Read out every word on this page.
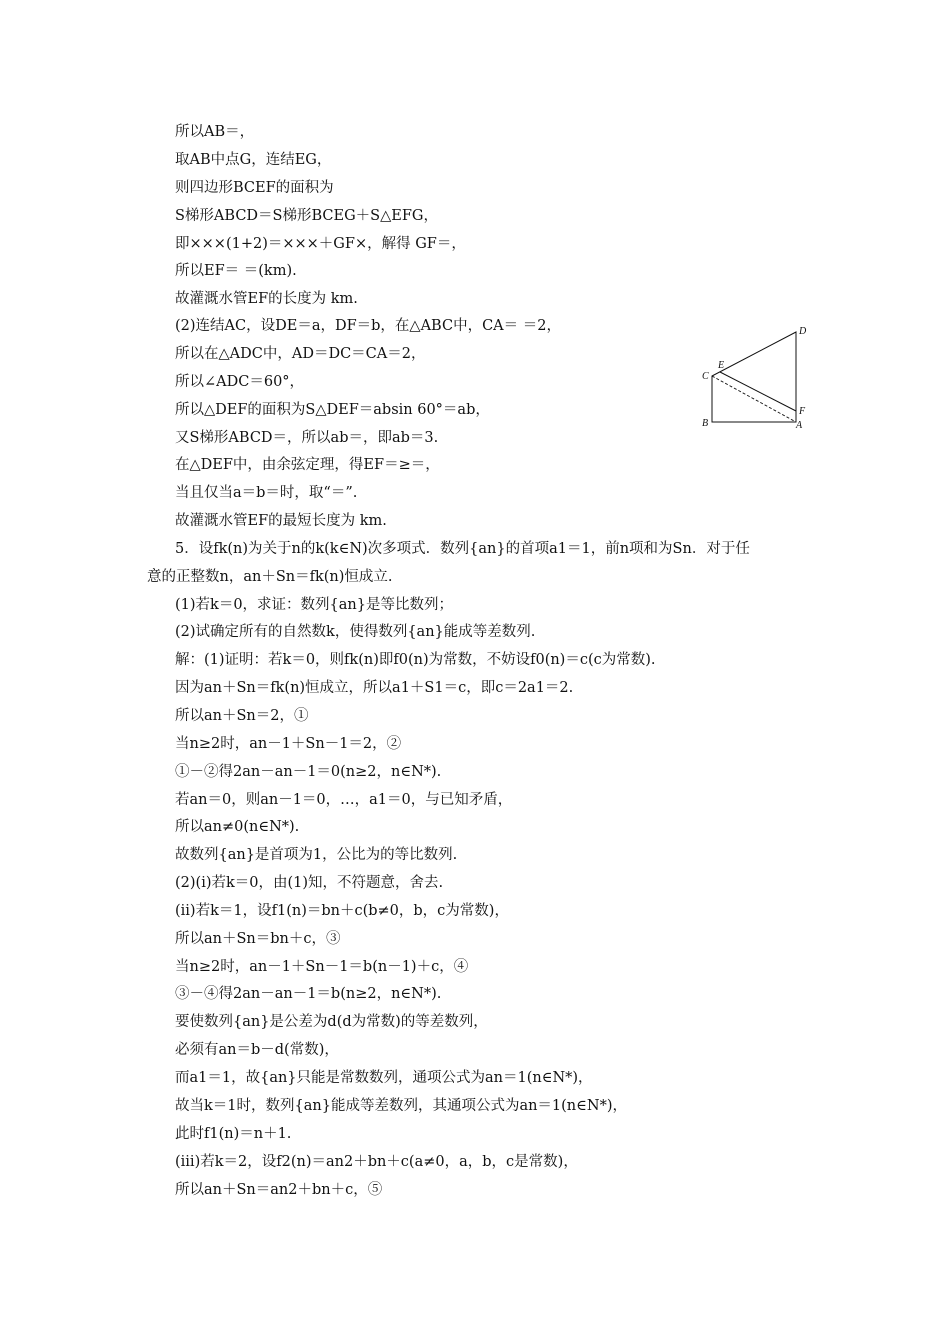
所以AB＝，
取AB中点G，连结EG，
则四边形BCEF的面积为
S梯形ABCD＝S梯形BCEG＋S△EFG，
即×××(1+2)＝×××＋GF×，解得 GF＝，
所以EF＝ ＝(km).
故灌溉水管EF的长度为 km.
(2)连结AC，设DE＝a，DF＝b，在△ABC中，CA＝ ＝2，
所以在△ADC中，AD＝DC＝CA＝2，
所以∠ADC＝60°，
所以△DEF的面积为S△DEF＝absin 60°＝ab，
又S梯形ABCD＝，所以ab＝，即ab＝3.
在△DEF中，由余弦定理，得EF＝≥＝，
当且仅当a＝b＝时，取“＝”.
故灌溉水管EF的最短长度为 km.
5．设fk(n)为关于n的k(k∈N)次多项式．数列{an}的首项a1＝1，前n项和为Sn．对于任
意的正整数n，an＋Sn＝fk(n)恒成立.
(1)若k＝0，求证：数列{an}是等比数列；
(2)试确定所有的自然数k，使得数列{an}能成等差数列.
解：(1)证明：若k＝0，则fk(n)即f0(n)为常数，不妨设f0(n)＝c(c为常数).
因为an＋Sn＝fk(n)恒成立，所以a1＋S1＝c，即c＝2a1＝2.
所以an＋Sn＝2，①
当n≥2时，an－1＋Sn－1＝2，②
①－②得2an－an－1＝0(n≥2，n∈N*).
若an＝0，则an－1＝0，…，a1＝0，与已知矛盾，
所以an≠0(n∈N*).
故数列{an}是首项为1，公比为的等比数列.
(2)(ⅰ)若k＝0，由(1)知，不符题意，舍去.
(ⅱ)若k＝1，设f1(n)＝bn＋c(b≠0，b，c为常数)，
所以an＋Sn＝bn＋c，③
当n≥2时，an－1＋Sn－1＝b(n－1)＋c，④
③－④得2an－an－1＝b(n≥2，n∈N*).
要使数列{an}是公差为d(d为常数)的等差数列，
必须有an＝b－d(常数)，
而a1＝1，故{an}只能是常数数列，通项公式为an＝1(n∈N*)，
故当k＝1时，数列{an}能成等差数列，其通项公式为an＝1(n∈N*)，
此时f1(n)＝n＋1.
(ⅲ)若k＝2，设f2(n)＝an2＋bn＋c(a≠0，a，b，c是常数)，
所以an＋Sn＝an2＋bn＋c，⑤
D
E
C
F
B	A
